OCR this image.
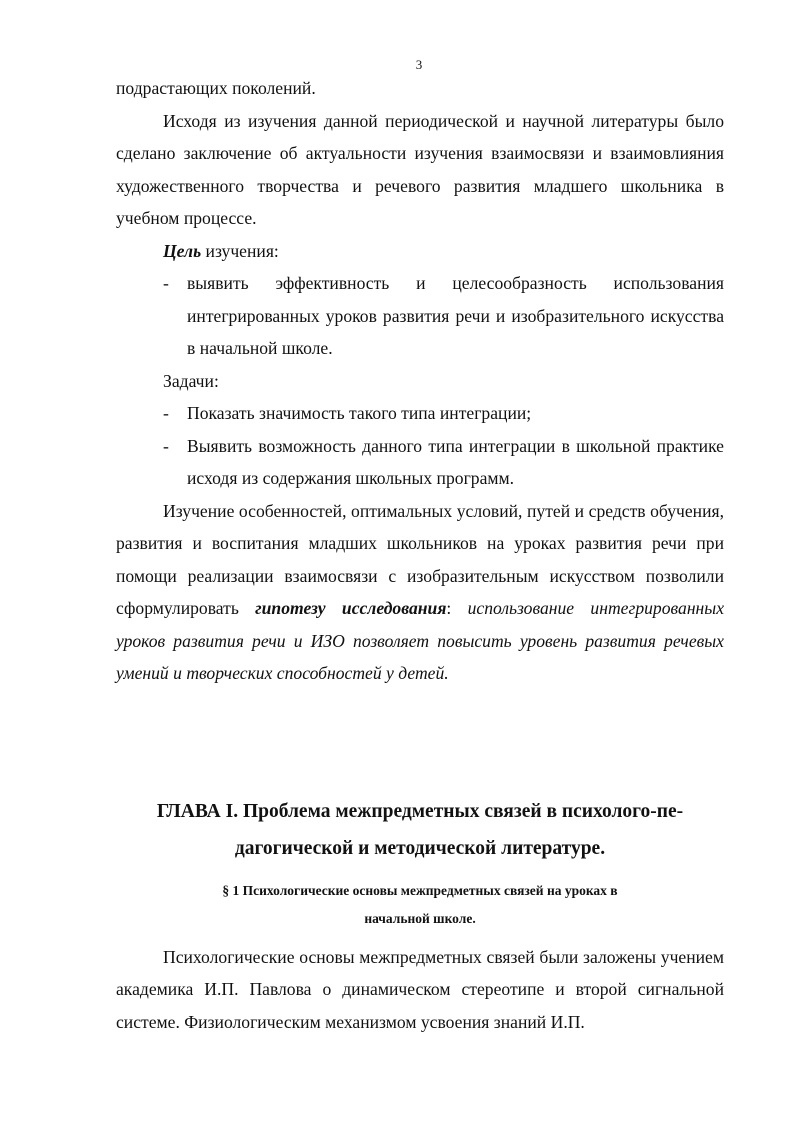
3

подрастающих поколений.

Исходя из изучения данной периодической и научной литературы было сделано заключение об актуальности изучения взаимосвязи и взаимовлияния художественного творчества и речевого развития младшего школьника в учебном процессе.

Цель изучения:

- выявить эффективность и целесообразность использования интегрированных уроков развития речи и изобразительного искусства в начальной школе.

Задачи:

- Показать значимость такого типа интеграции;
- Выявить возможность данного типа интеграции в школьной практике исходя из содержания школьных программ.

Изучение особенностей, оптимальных условий, путей и средств обучения, развития и воспитания младших школьников на уроках развития речи при помощи реализации взаимосвязи с изобразительным искусством позволили сформулировать гипотезу исследования: использование интегрированных уроков развития речи и ИЗО позволяет повысить уровень развития речевых умений и творческих способностей у детей.

ГЛАВА I. Проблема межпредметных связей в психолого-пе-дагогической и методической литературе.
§ 1 Психологические основы межпредметных связей на уроках в
начальной школе.

Психологические основы межпредметных связей были заложены учением академика И.П. Павлова о динамическом стереотипе и второй сигнальной системе. Физиологическим механизмом усвоения знаний И.П.
